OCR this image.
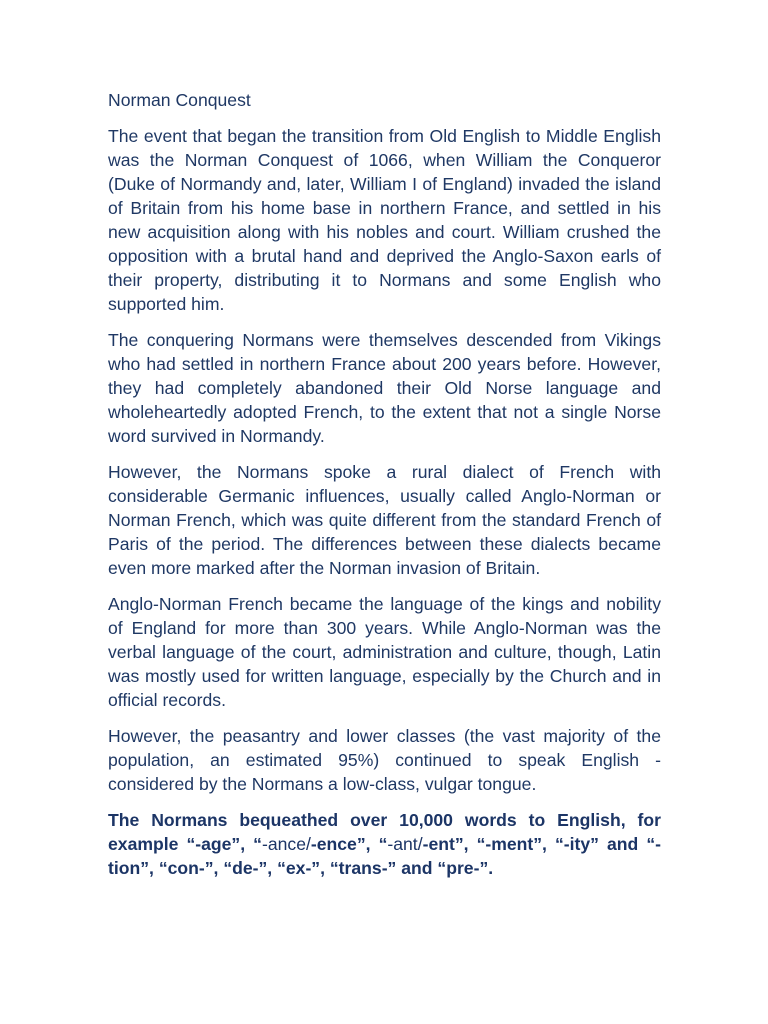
Norman Conquest

The event that began the transition from Old English to Middle English was the Norman Conquest of 1066, when William the Conqueror (Duke of Normandy and, later, William I of England) invaded the island of Britain from his home base in northern France, and settled in his new acquisition along with his nobles and court. William crushed the opposition with a brutal hand and deprived the Anglo-Saxon earls of their property, distributing it to Normans and some English who supported him.

The conquering Normans were themselves descended from Vikings who had settled in northern France about 200 years before. However, they had completely abandoned their Old Norse language and wholeheartedly adopted French, to the extent that not a single Norse word survived in Normandy.

However, the Normans spoke a rural dialect of French with considerable Germanic influences, usually called Anglo-Norman or Norman French, which was quite different from the standard French of Paris of the period. The differences between these dialects became even more marked after the Norman invasion of Britain.

Anglo-Norman French became the language of the kings and nobility of England for more than 300 years. While Anglo-Norman was the verbal language of the court, administration and culture, though, Latin was mostly used for written language, especially by the Church and in official records.

However, the peasantry and lower classes (the vast majority of the population, an estimated 95%) continued to speak English - considered by the Normans a low-class, vulgar tongue.

The Normans bequeathed over 10,000 words to English, for example “-age”, “-ance/-ence”, “-ant/-ent”, “-ment”, “-ity” and “-tion”, “con-”, “de-”, “ex-”, “trans-” and “pre-”.
